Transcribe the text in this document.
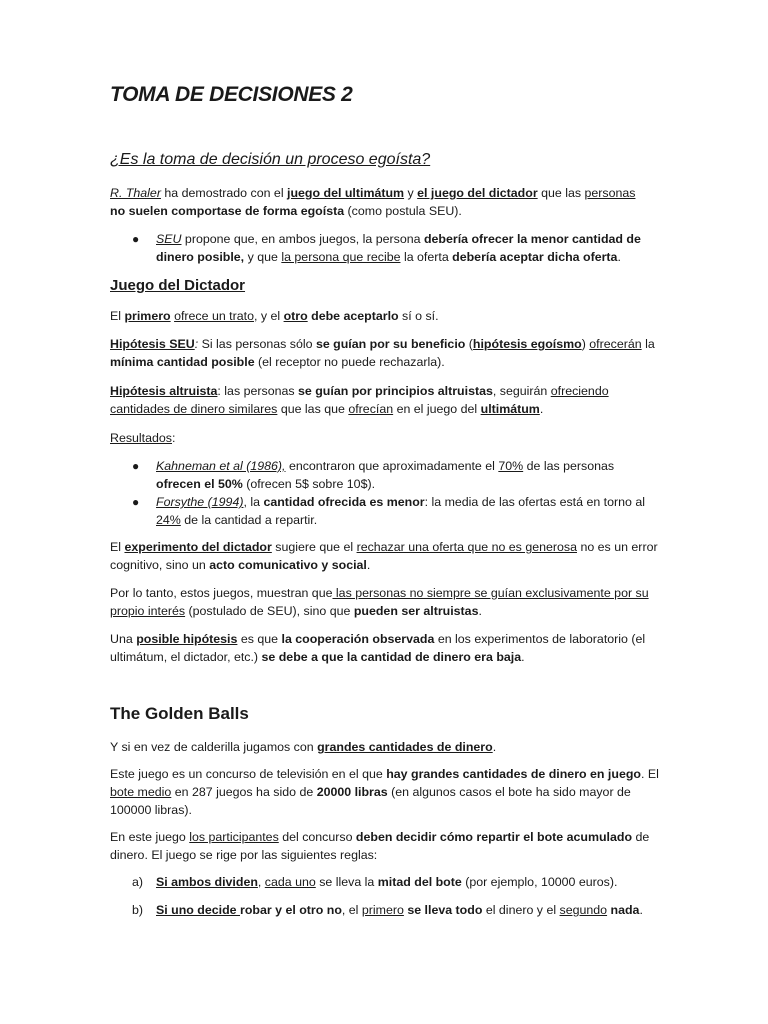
TOMA DE DECISIONES 2
¿Es la toma de decisión un proceso egoísta?

R. Thaler ha demostrado con el juego del ultimátum y el juego del dictador que las personas
no suelen comportase de forma egoísta (como postula SEU).

● SEU propone que, en ambos juegos, la persona debería ofrecer la menor cantidad de dinero posible, y que la persona que recibe la oferta debería aceptar dicha oferta.
Juego del Dictador

El primero ofrece un trato, y el otro debe aceptarlo sí o sí.

Hipótesis SEU: Si las personas sólo se guían por su beneficio (hipótesis egoísmo) ofrecerán la mínima cantidad posible (el receptor no puede rechazarla).

Hipótesis altruista: las personas se guían por principios altruistas, seguirán ofreciendo cantidades de dinero similares que las que ofrecían en el juego del ultimátum.

Resultados:

● Kahneman et al (1986), encontraron que aproximadamente el 70% de las personas ofrecen el 50% (ofrecen 5$ sobre 10$).
● Forsythe (1994), la cantidad ofrecida es menor: la media de las ofertas está en torno al 24% de la cantidad a repartir.

El experimento del dictador sugiere que el rechazar una oferta que no es generosa no es un error cognitivo, sino un acto comunicativo y social.

Por lo tanto, estos juegos, muestran que las personas no siempre se guían exclusivamente por su propio interés (postulado de SEU), sino que pueden ser altruistas.

Una posible hipótesis es que la cooperación observada en los experimentos de laboratorio (el ultimátum, el dictador, etc.) se debe a que la cantidad de dinero era baja.

The Golden Balls

Y si en vez de calderilla jugamos con grandes cantidades de dinero.

Este juego es un concurso de televisión en el que hay grandes cantidades de dinero en juego. El bote medio en 287 juegos ha sido de 20000 libras (en algunos casos el bote ha sido mayor de 100000 libras).

En este juego los participantes del concurso deben decidir cómo repartir el bote acumulado de dinero. El juego se rige por las siguientes reglas:

a) Si ambos dividen, cada uno se lleva la mitad del bote (por ejemplo, 10000 euros).
b) Si uno decide robar y el otro no, el primero se lleva todo el dinero y el segundo nada.
